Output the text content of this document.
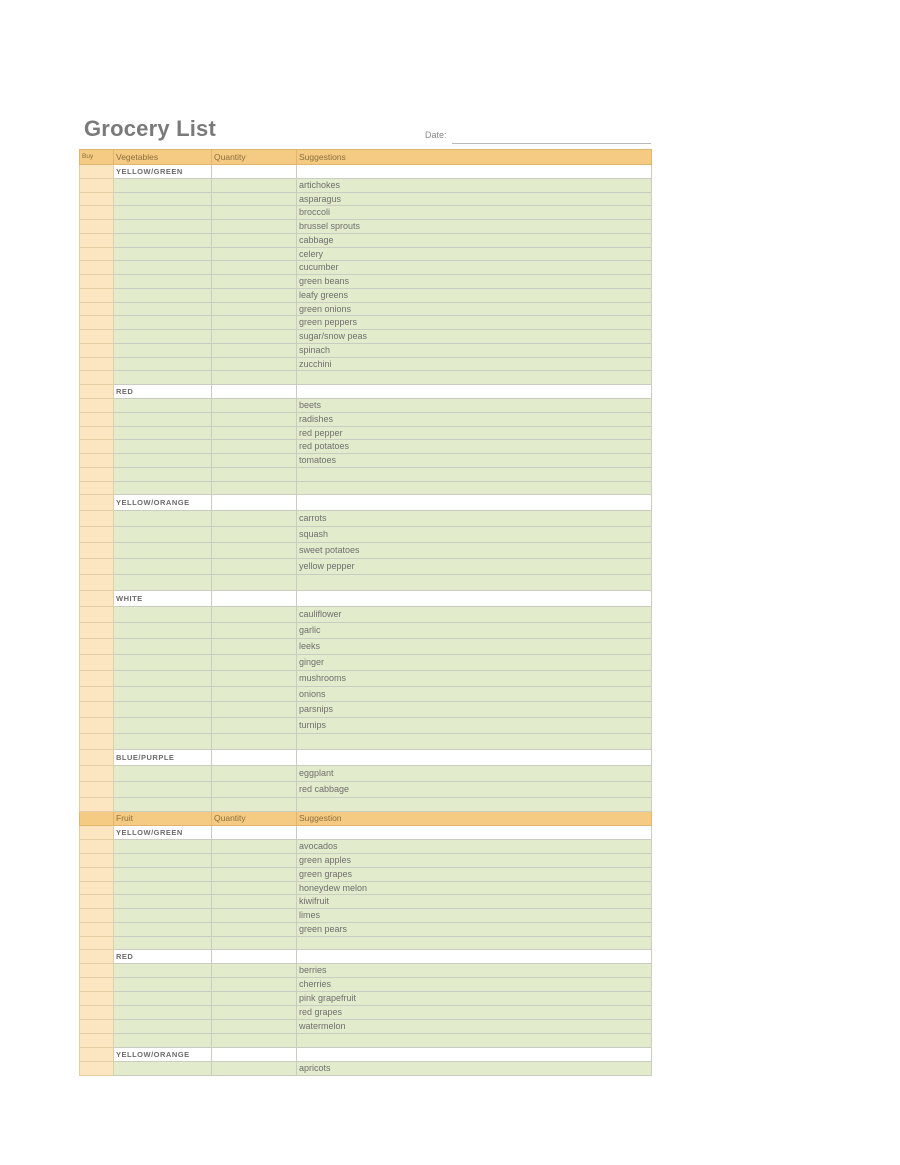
Grocery List	Date:
Buy	Vegetables	Quantity	Suggestions
	YELLOW/GREEN		
			artichokes
			asparagus
			broccoli
			brussel sprouts
			cabbage
			celery
			cucumber
			green beans
			leafy greens
			green onions
			green peppers
			sugar/snow peas
			spinach
			zucchini

	RED		
			beets
			radishes
			red pepper
			red potatoes
			tomatoes

	YELLOW/ORANGE		
			carrots
			squash
			sweet potatoes
			yellow pepper

	WHITE		
			cauliflower
			garlic
			leeks
			ginger
			mushrooms
			onions
			parsnips
			turnips

	BLUE/PURPLE		
			eggplant
			red cabbage

	Fruit	Quantity	Suggestion
	YELLOW/GREEN		
			avocados
			green apples
			green grapes
			honeydew melon
			kiwifruit
			limes
			green pears

	RED		
			berries
			cherries
			pink grapefruit
			red grapes
			watermelon

	YELLOW/ORANGE		
			apricots
